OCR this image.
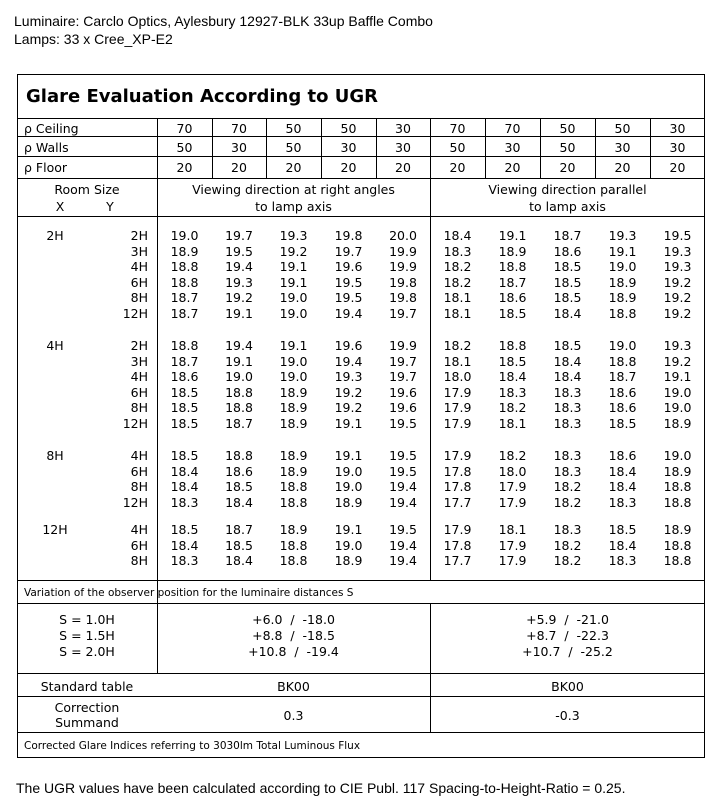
Luminaire: Carclo Optics, Aylesbury 12927-BLK 33up Baffle Combo
Lamps: 33 x Cree_XP-E2
Glare Evaluation According to UGR
ρ Ceiling	70	70	50	50	30	70	70	50	50	30
ρ Walls	50	30	50	30	30	50	30	50	30	30
ρ Floor	20	20	20	20	20	20	20	20	20	20
Room Size
X	Y
Viewing direction at right angles
to lamp axis
Viewing direction parallel
to lamp axis
2H	2H	19.0	19.7	19.3	19.8	20.0	18.4	19.1	18.7	19.3	19.5
3H	18.9	19.5	19.2	19.7	19.9	18.3	18.9	18.6	19.1	19.3
4H	18.8	19.4	19.1	19.6	19.9	18.2	18.8	18.5	19.0	19.3
6H	18.8	19.3	19.1	19.5	19.8	18.2	18.7	18.5	18.9	19.2
8H	18.7	19.2	19.0	19.5	19.8	18.1	18.6	18.5	18.9	19.2
12H	18.7	19.1	19.0	19.4	19.7	18.1	18.5	18.4	18.8	19.2
4H	2H	18.8	19.4	19.1	19.6	19.9	18.2	18.8	18.5	19.0	19.3
3H	18.7	19.1	19.0	19.4	19.7	18.1	18.5	18.4	18.8	19.2
4H	18.6	19.0	19.0	19.3	19.7	18.0	18.4	18.4	18.7	19.1
6H	18.5	18.8	18.9	19.2	19.6	17.9	18.3	18.3	18.6	19.0
8H	18.5	18.8	18.9	19.2	19.6	17.9	18.2	18.3	18.6	19.0
12H	18.5	18.7	18.9	19.1	19.5	17.9	18.1	18.3	18.5	18.9
8H	4H	18.5	18.8	18.9	19.1	19.5	17.9	18.2	18.3	18.6	19.0
6H	18.4	18.6	18.9	19.0	19.5	17.8	18.0	18.3	18.4	18.9
8H	18.4	18.5	18.8	19.0	19.4	17.8	17.9	18.2	18.4	18.8
12H	18.3	18.4	18.8	18.9	19.4	17.7	17.9	18.2	18.3	18.8
12H	4H	18.5	18.7	18.9	19.1	19.5	17.9	18.1	18.3	18.5	18.9
6H	18.4	18.5	18.8	19.0	19.4	17.8	17.9	18.2	18.4	18.8
8H	18.3	18.4	18.8	18.9	19.4	17.7	17.9	18.2	18.3	18.8
Variation of the observer position for the luminaire distances S
S = 1.0H	+6.0  /  -18.0	+5.9  /  -21.0
S = 1.5H	+8.8  /  -18.5	+8.7  /  -22.3
S = 2.0H	+10.8  /  -19.4	+10.7  /  -25.2
Standard table	BK00	BK00
Correction
Summand	0.3	-0.3
Corrected Glare Indices referring to 3030lm Total Luminous Flux
The UGR values have been calculated according to CIE Publ. 117 Spacing-to-Height-Ratio = 0.25.
